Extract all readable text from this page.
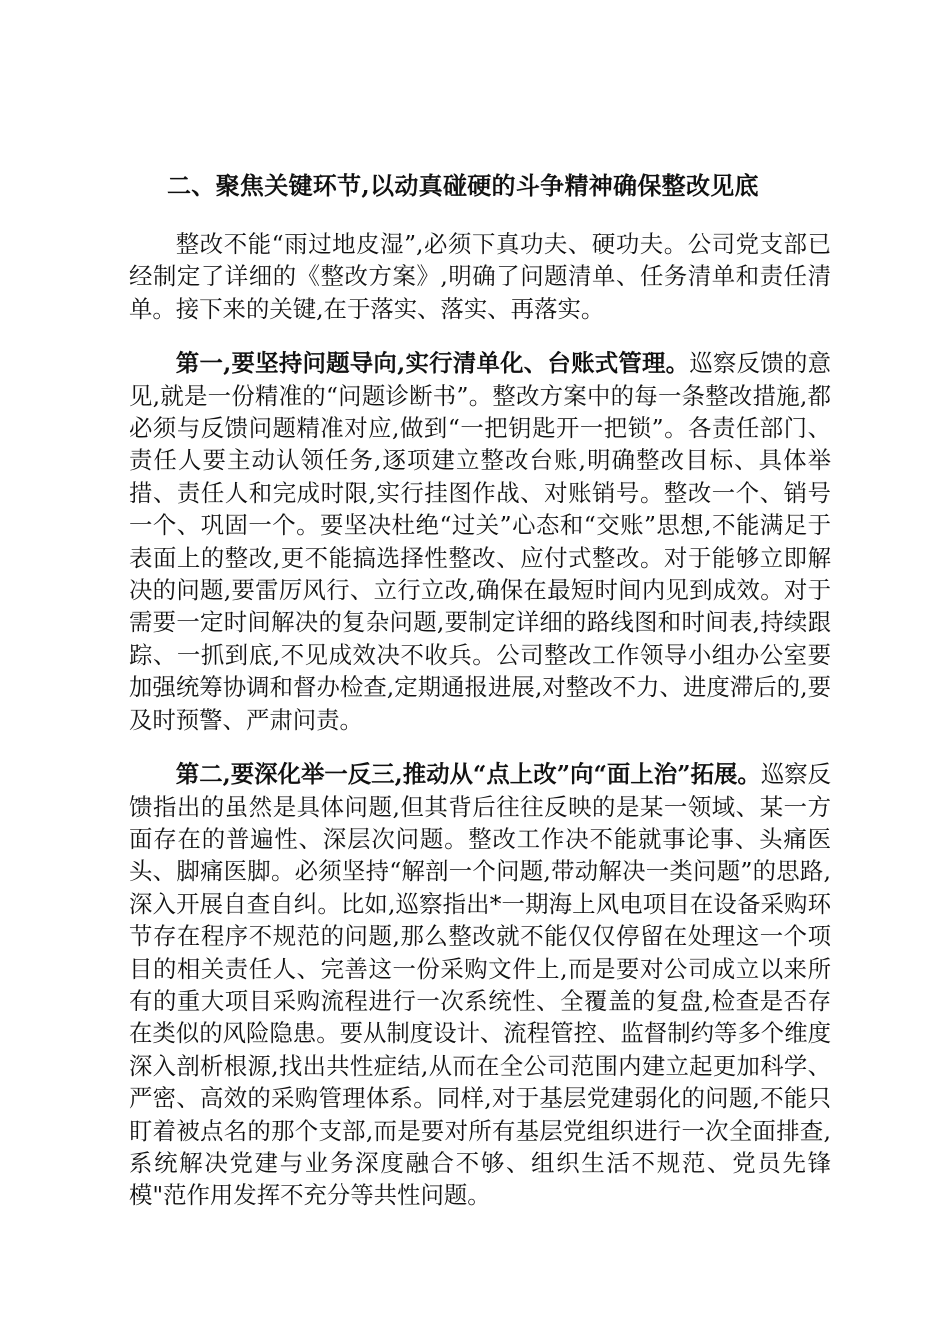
二、聚焦关键环节,以动真碰硬的斗争精神确保整改见底

整改不能“雨过地皮湿”,必须下真功夫、硬功夫。公司党支部已经制定了详细的《整改方案》,明确了问题清单、任务清单和责任清单。接下来的关键,在于落实、落实、再落实。

第一,要坚持问题导向,实行清单化、台账式管理。巡察反馈的意见,就是一份精准的“问题诊断书”。整改方案中的每一条整改措施,都必须与反馈问题精准对应,做到“一把钥匙开一把锁”。各责任部门、责任人要主动认领任务,逐项建立整改台账,明确整改目标、具体举措、责任人和完成时限,实行挂图作战、对账销号。整改一个、销号一个、巩固一个。要坚决杜绝“过关”心态和“交账”思想,不能满足于表面上的整改,更不能搞选择性整改、应付式整改。对于能够立即解决的问题,要雷厉风行、立行立改,确保在最短时间内见到成效。对于需要一定时间解决的复杂问题,要制定详细的路线图和时间表,持续跟踪、一抓到底,不见成效决不收兵。公司整改工作领导小组办公室要加强统筹协调和督办检查,定期通报进展,对整改不力、进度滞后的,要及时预警、严肃问责。

第二,要深化举一反三,推动从“点上改”向“面上治”拓展。巡察反馈指出的虽然是具体问题,但其背后往往反映的是某一领域、某一方面存在的普遍性、深层次问题。整改工作决不能就事论事、头痛医头、脚痛医脚。必须坚持“解剖一个问题,带动解决一类问题”的思路,深入开展自查自纠。比如,巡察指出*一期海上风电项目在设备采购环节存在程序不规范的问题,那么整改就不能仅仅停留在处理这一个项目的相关责任人、完善这一份采购文件上,而是要对公司成立以来所有的重大项目采购流程进行一次系统性、全覆盖的复盘,检查是否存在类似的风险隐患。要从制度设计、流程管控、监督制约等多个维度深入剖析根源,找出共性症结,从而在全公司范围内建立起更加科学、严密、高效的采购管理体系。同样,对于基层党建弱化的问题,不能只盯着被点名的那个支部,而是要对所有基层党组织进行一次全面排查,系统解决党建与业务深度融合不够、组织生活不规范、党员先锋模"范作用发挥不充分等共性问题。
